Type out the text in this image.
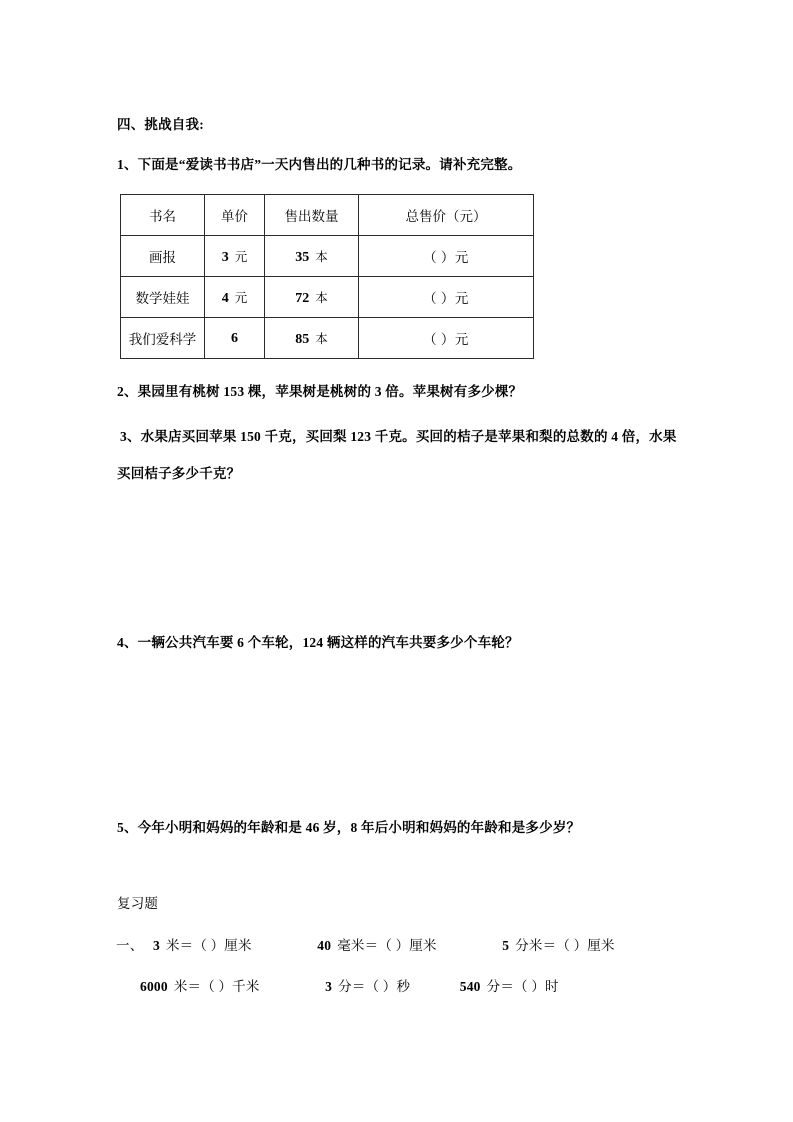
四、挑战自我:
1、下面是“爱读书书店”一天内售出的几种书的记录。请补充完整。
书名	单价	售出数量	总售价（元）
画报	3 元	35 本	（ ）元
数学娃娃	4 元	72 本	（ ）元
我们爱科学	6	85 本	（ ）元
2、果园里有桃树 153 棵，苹果树是桃树的 3 倍。苹果树有多少棵？
3、水果店买回苹果 150 千克，买回梨 123 千克。买回的桔子是苹果和梨的总数的 4 倍，水果
买回桔子多少千克？
4、一辆公共汽车要 6 个车轮，124 辆这样的汽车共要多少个车轮？
5、今年小明和妈妈的年龄和是 46 岁，8 年后小明和妈妈的年龄和是多少岁？
复习题
一、 3 米＝（ ）厘米	40 毫米＝（ ）厘米	5 分米＝（ ）厘米
6000 米＝（ ）千米	3 分＝（ ）秒	540 分＝（ ）时
